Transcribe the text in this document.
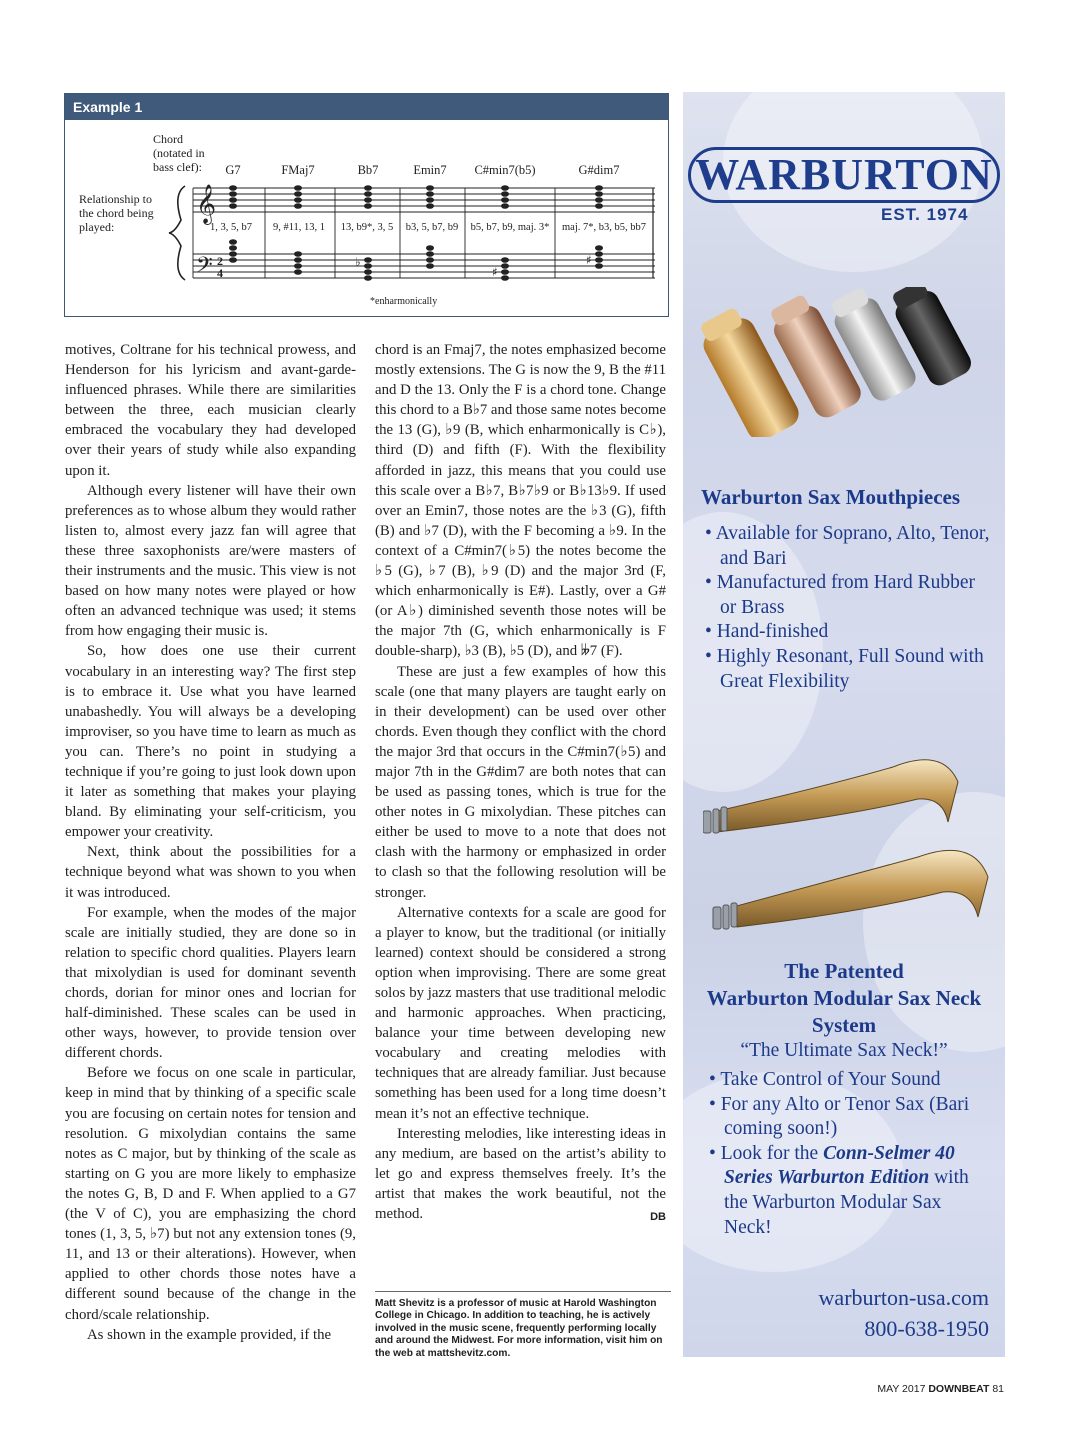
Example 1
Chord
(notated in
bass clef):
Relationship to
the chord being
played:
G7	FMaj7	Bb7	Emin7	C#min7(b5)	G#dim7
𝄞
𝄢 2
4
♭
♯
♯
1, 3, 5, b7	9, #11, 13, 1	13, b9*, 3, 5	b3, 5, b7, b9	b5, b7, b9, maj. 3*	maj. 7*, b3, b5, bb7
*enharmonically

motives, Coltrane for his technical prowess, and Henderson for his lyricism and avant-garde-influenced phrases. While there are similarities between the three, each musician clearly embraced the vocabulary they had developed over their years of study while also expanding upon it.

Although every listener will have their own preferences as to whose album they would rather listen to, almost every jazz fan will agree that these three saxophonists are/were masters of their instruments and the music. This view is not based on how many notes were played or how often an advanced technique was used; it stems from how engaging their music is.

So, how does one use their current vocabulary in an interesting way? The first step is to embrace it. Use what you have learned unabashedly. You will always be a developing improviser, so you have time to learn as much as you can. There’s no point in studying a technique if you’re going to just look down upon it later as something that makes your playing bland. By eliminating your self-criticism, you empower your creativity.

Next, think about the possibilities for a technique beyond what was shown to you when it was introduced.

For example, when the modes of the major scale are initially studied, they are done so in relation to specific chord qualities. Players learn that mixolydian is used for dominant seventh chords, dorian for minor ones and locrian for half-diminished. These scales can be used in other ways, however, to provide tension over different chords.

Before we focus on one scale in particular, keep in mind that by thinking of a specific scale you are focusing on certain notes for tension and resolution. G mixolydian contains the same notes as C major, but by thinking of the scale as starting on G you are more likely to emphasize the notes G, B, D and F. When applied to a G7 (the V of C), you are emphasizing the chord tones (1, 3, 5, ♭7) but not any extension tones (9, 11, and 13 or their alterations). However, when applied to other chords those notes have a different sound because of the change in the chord/scale relationship.

As shown in the example provided, if the

chord is an Fmaj7, the notes emphasized become mostly extensions. The G is now the 9, B the #11 and D the 13. Only the F is a chord tone. Change this chord to a B♭7 and those same notes become the 13 (G), ♭9 (B, which enharmonically is C♭), third (D) and fifth (F). With the flexibility afforded in jazz, this means that you could use this scale over a B♭7, B♭7♭9 or B♭13♭9. If used over an Emin7, those notes are the ♭3 (G), fifth (B) and ♭7 (D), with the F becoming a ♭9. In the context of a C#min7(♭5) the notes become the ♭5 (G), ♭7 (B), ♭9 (D) and the major 3rd (F, which enharmonically is E#). Lastly, over a G# (or A♭) diminished seventh those notes will be the major 7th (G, which enharmonically is F double-sharp), ♭3 (B), ♭5 (D), and 𝄫7 (F).

These are just a few examples of how this scale (one that many players are taught early on in their development) can be used over other chords. Even though they conflict with the chord the major 3rd that occurs in the C#min7(♭5) and major 7th in the G#dim7 are both notes that can be used as passing tones, which is true for the other notes in G mixolydian. These pitches can either be used to move to a note that does not clash with the harmony or emphasized in order to clash so that the following resolution will be stronger.

Alternative contexts for a scale are good for a player to know, but the traditional (or initially learned) context should be considered a strong option when improvising. There are some great solos by jazz masters that use traditional melodic and harmonic approaches. When practicing, balance your time between developing new vocabulary and creating melodies with techniques that are already familiar. Just because something has been used for a long time doesn’t mean it’s not an effective technique.

Interesting melodies, like interesting ideas in any medium, are based on the artist’s ability to let go and express themselves freely. It’s the artist that makes the work beautiful, not the method.	DB

Matt Shevitz is a professor of music at Harold Washington College in Chicago. In addition to teaching, he is actively involved in the music scene, frequently performing locally and around the Midwest. For more information, visit him on the web at mattshevitz.com.
WARBURTON
EST. 1974
Warburton Sax Mouthpieces
• Available for Soprano, Alto, Tenor, and Bari
• Manufactured from Hard Rubber or Brass
• Hand-finished
• Highly Resonant, Full Sound with Great Flexibility
The Patented
Warburton Modular Sax Neck
System
“The Ultimate Sax Neck!”
• Take Control of Your Sound
• For any Alto or Tenor Sax (Bari coming soon!)
• Look for the Conn-Selmer 40 Series Warburton Edition with the Warburton Modular Sax Neck!
warburton-usa.com
800-638-1950
MAY 2017 DOWNBEAT 81
